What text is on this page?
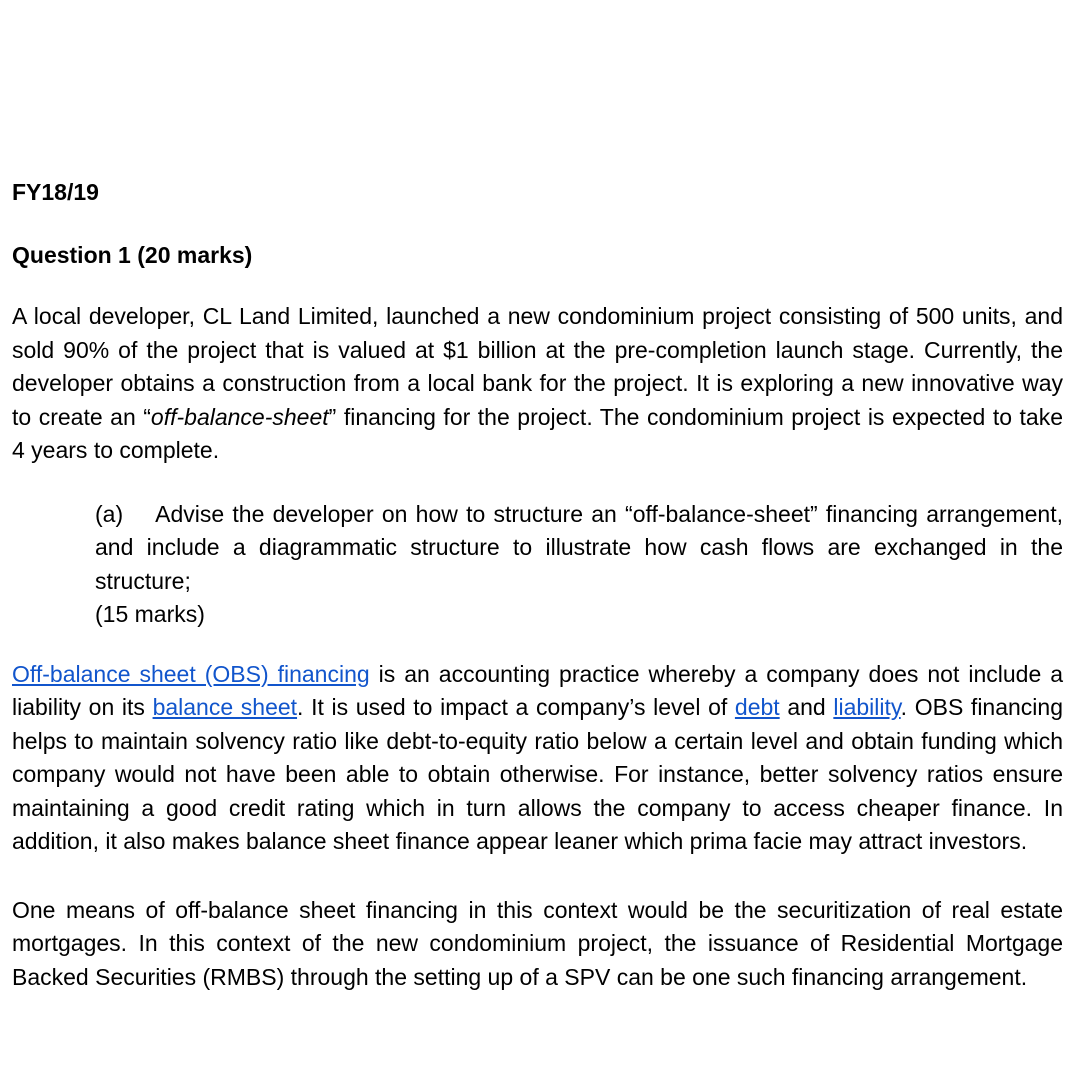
FY18/19

Question 1 (20 marks)

A local developer, CL Land Limited, launched a new condominium project consisting of 500 units, and sold 90% of the project that is valued at $1 billion at the pre-completion launch stage. Currently, the developer obtains a construction from a local bank for the project. It is exploring a new innovative way to create an “off-balance-sheet” financing for the project. The condominium project is expected to take 4 years to complete.

(a) Advise the developer on how to structure an “off-balance-sheet” financing arrangement, and include a diagrammatic structure to illustrate how cash flows are exchanged in the structure;
(15 marks)

Off-balance sheet (OBS) financing is an accounting practice whereby a company does not include a liability on its balance sheet. It is used to impact a company’s level of debt and liability. OBS financing helps to maintain solvency ratio like debt-to-equity ratio below a certain level and obtain funding which company would not have been able to obtain otherwise. For instance, better solvency ratios ensure maintaining a good credit rating which in turn allows the company to access cheaper finance. In addition, it also makes balance sheet finance appear leaner which prima facie may attract investors.

One means of off-balance sheet financing in this context would be the securitization of real estate mortgages. In this context of the new condominium project, the issuance of Residential Mortgage Backed Securities (RMBS) through the setting up of a SPV can be one such financing arrangement.
